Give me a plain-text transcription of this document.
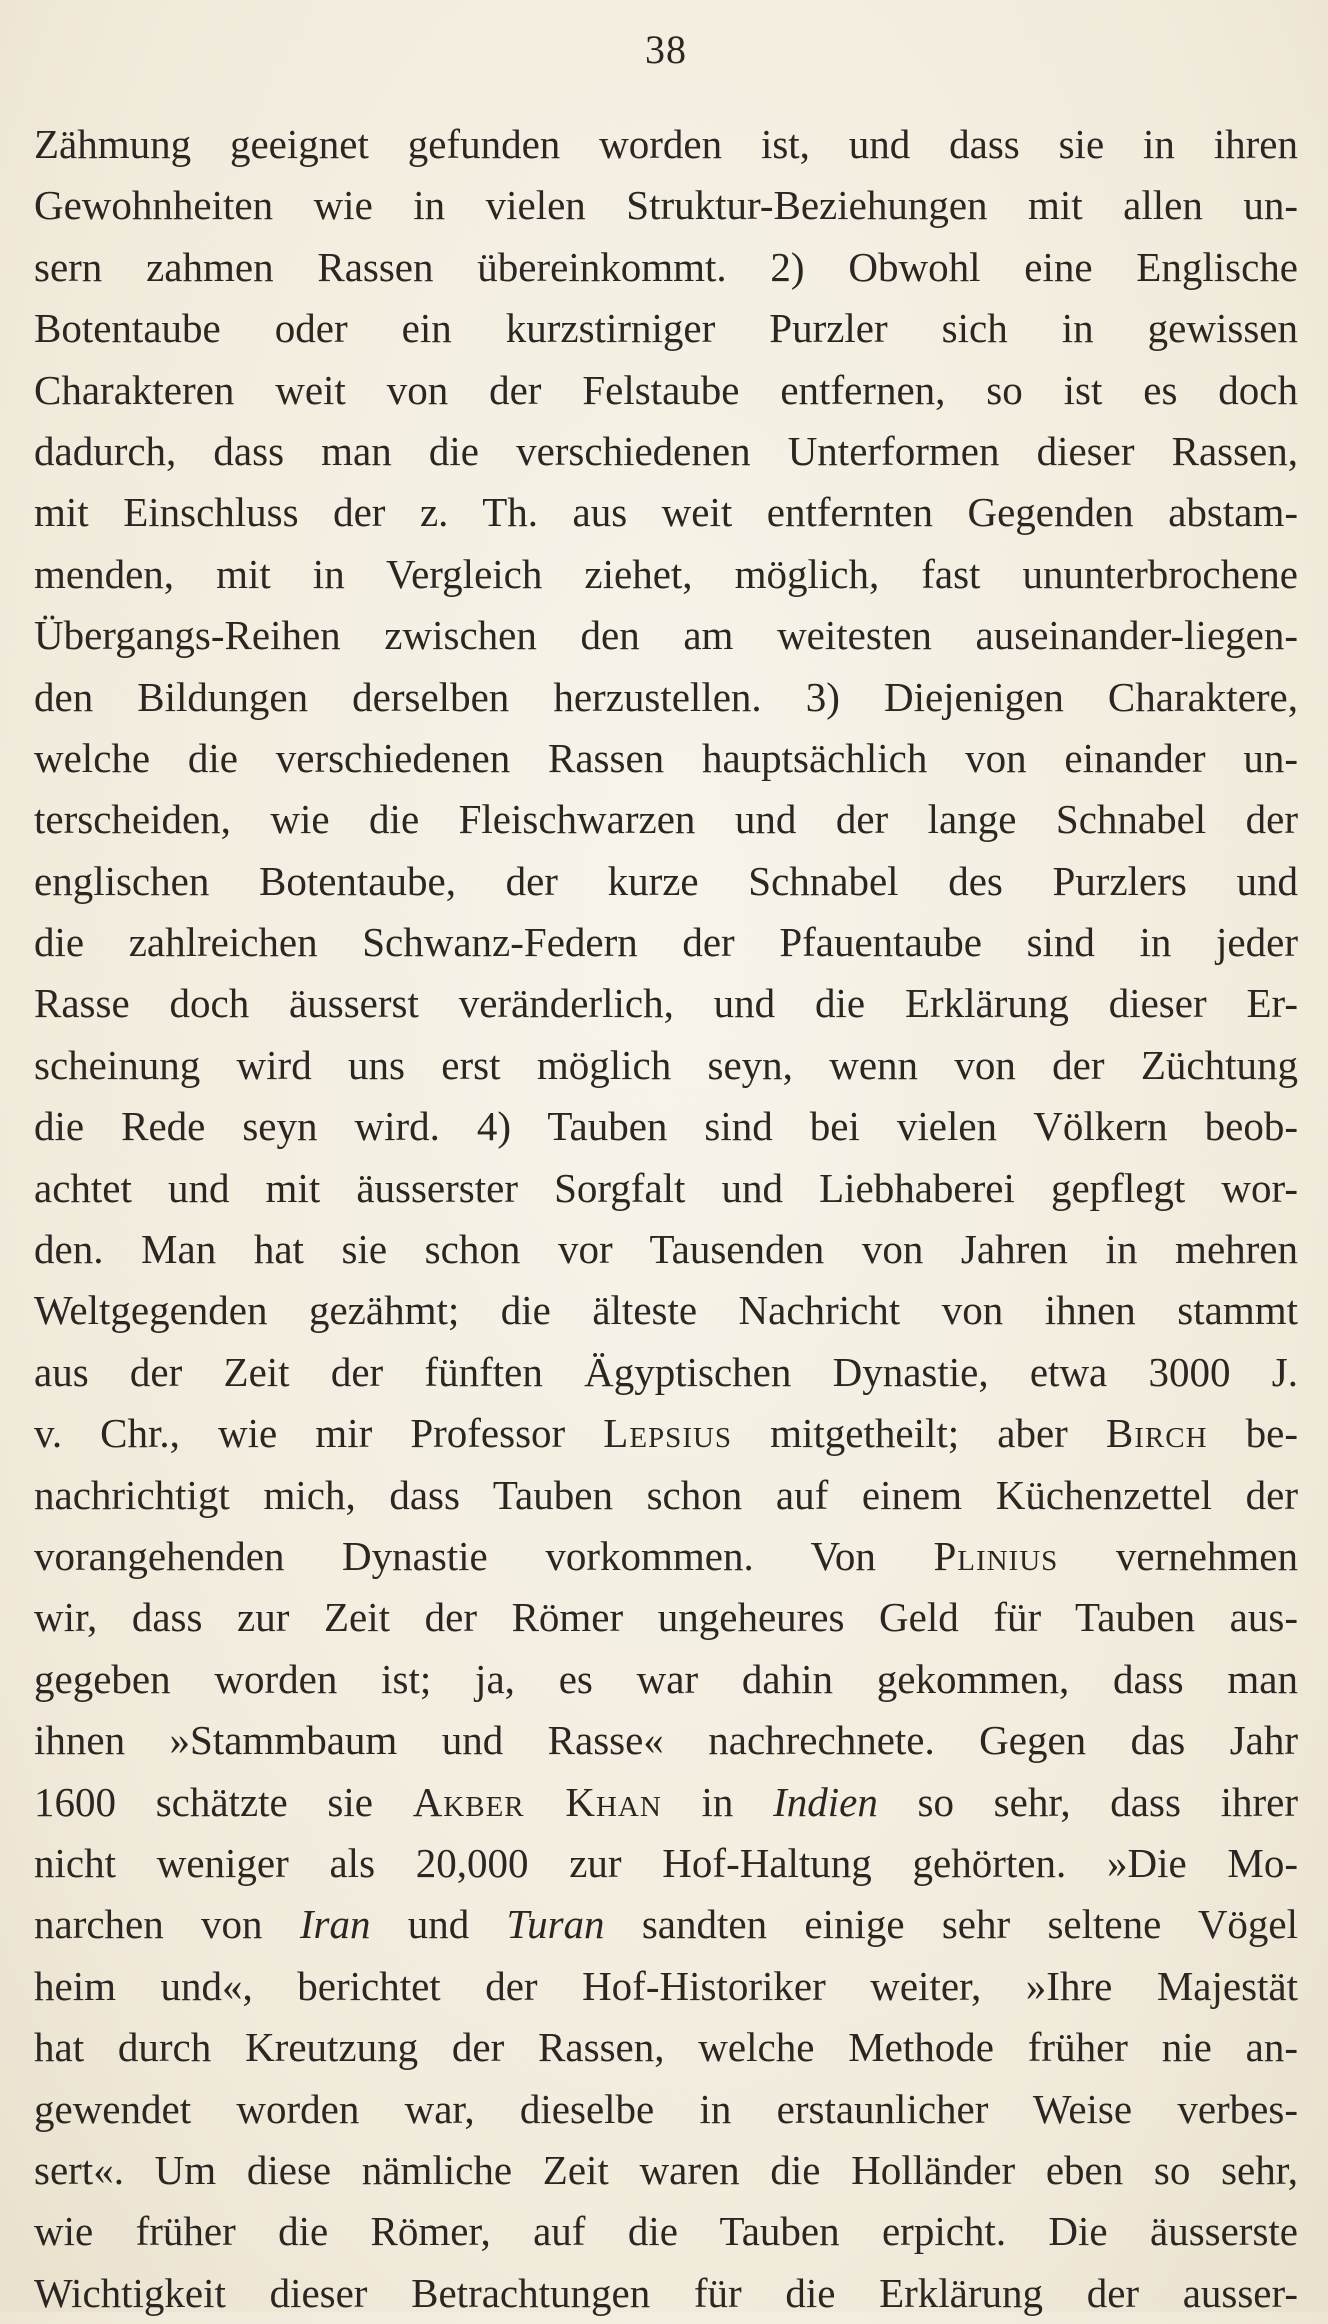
38
Zähmung geeignet gefunden worden ist, und dass sie in ihren
Gewohnheiten wie in vielen Struktur-Beziehungen mit allen un-
sern zahmen Rassen übereinkommt. 2) Obwohl eine Englische
Botentaube oder ein kurzstirniger Purzler sich in gewissen
Charakteren weit von der Felstaube entfernen, so ist es doch
dadurch, dass man die verschiedenen Unterformen dieser Rassen,
mit Einschluss der z. Th. aus weit entfernten Gegenden abstam-
menden, mit in Vergleich ziehet, möglich, fast ununterbrochene
Übergangs-Reihen zwischen den am weitesten auseinander-liegen-
den Bildungen derselben herzustellen. 3) Diejenigen Charaktere,
welche die verschiedenen Rassen hauptsächlich von einander un-
terscheiden, wie die Fleischwarzen und der lange Schnabel der
englischen Botentaube, der kurze Schnabel des Purzlers und
die zahlreichen Schwanz-Federn der Pfauentaube sind in jeder
Rasse doch äusserst veränderlich, und die Erklärung dieser Er-
scheinung wird uns erst möglich seyn, wenn von der Züchtung
die Rede seyn wird. 4) Tauben sind bei vielen Völkern beob-
achtet und mit äusserster Sorgfalt und Liebhaberei gepflegt wor-
den. Man hat sie schon vor Tausenden von Jahren in mehren
Weltgegenden gezähmt; die älteste Nachricht von ihnen stammt
aus der Zeit der fünften Ägyptischen Dynastie, etwa 3000 J.
v. Chr., wie mir Professor Lepsius mitgetheilt; aber Birch be-
nachrichtigt mich, dass Tauben schon auf einem Küchenzettel der
vorangehenden Dynastie vorkommen. Von Plinius vernehmen
wir, dass zur Zeit der Römer ungeheures Geld für Tauben aus-
gegeben worden ist; ja, es war dahin gekommen, dass man
ihnen »Stammbaum und Rasse« nachrechnete. Gegen das Jahr
1600 schätzte sie Akber Khan in Indien so sehr, dass ihrer
nicht weniger als 20,000 zur Hof-Haltung gehörten. »Die Mo-
narchen von Iran und Turan sandten einige sehr seltene Vögel
heim und«, berichtet der Hof-Historiker weiter, »Ihre Majestät
hat durch Kreutzung der Rassen, welche Methode früher nie an-
gewendet worden war, dieselbe in erstaunlicher Weise verbes-
sert«. Um diese nämliche Zeit waren die Holländer eben so sehr,
wie früher die Römer, auf die Tauben erpicht. Die äusserste
Wichtigkeit dieser Betrachtungen für die Erklärung der ausser-
